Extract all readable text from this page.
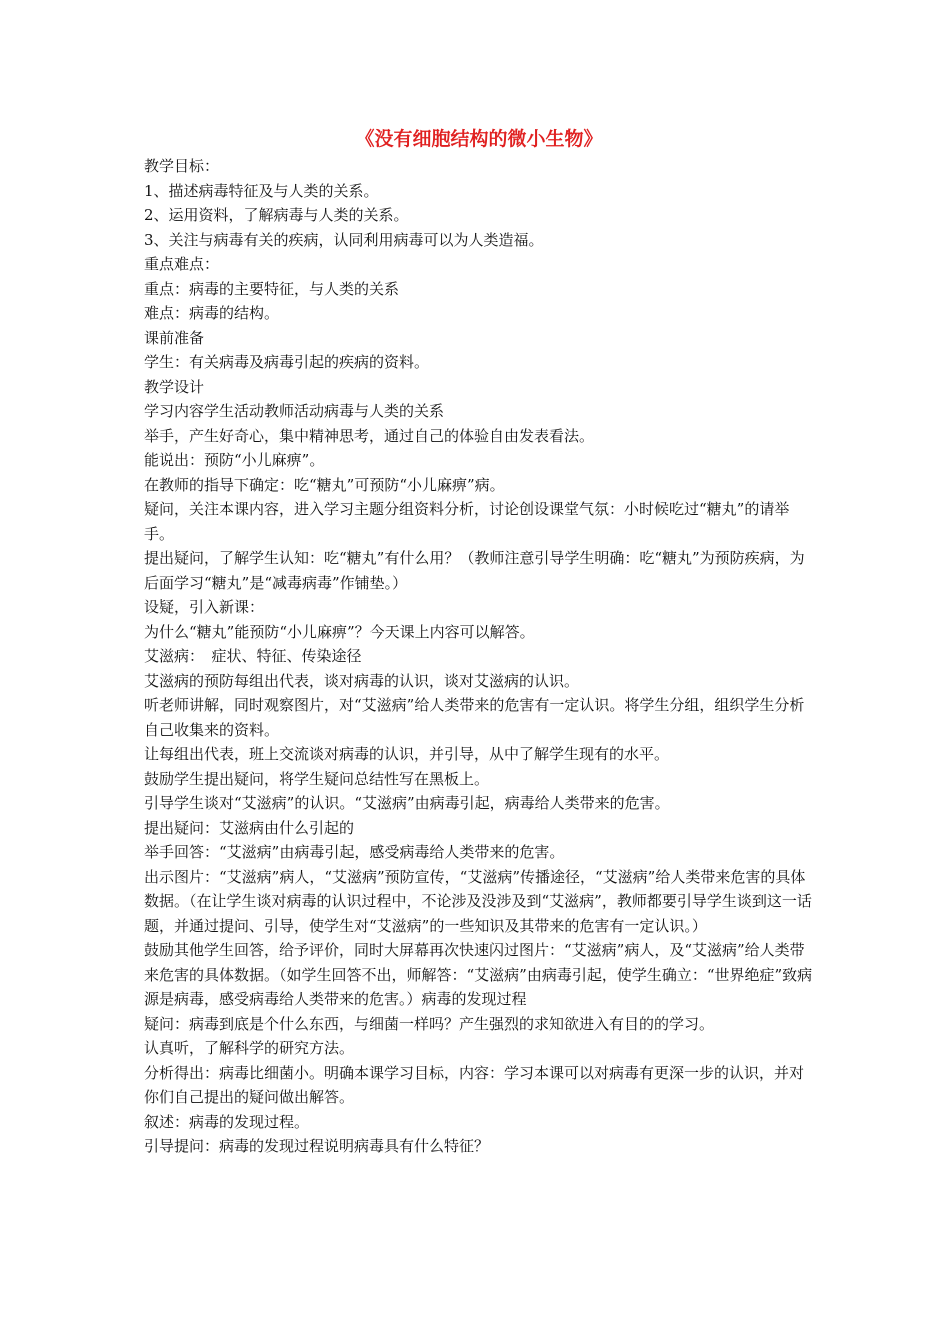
《没有细胞结构的微小生物》

教学目标：

1、描述病毒特征及与人类的关系。

2、运用资料，了解病毒与人类的关系。

3、关注与病毒有关的疾病，认同利用病毒可以为人类造福。

重点难点：

重点：病毒的主要特征，与人类的关系

难点：病毒的结构。

课前准备

学生：有关病毒及病毒引起的疾病的资料。

教学设计

学习内容学生活动教师活动病毒与人类的关系

举手，产生好奇心，集中精神思考，通过自己的体验自由发表看法。

能说出：预防“小儿麻痹”。

在教师的指导下确定：吃“糖丸”可预防“小儿麻痹”病。

疑问，关注本课内容，进入学习主题分组资料分析，讨论创设课堂气氛：小时候吃过“糖丸”的请举手。

提出疑问，了解学生认知：吃“糖丸”有什么用？（教师注意引导学生明确：吃“糖丸”为预防疾病，为后面学习“糖丸”是“减毒病毒”作铺垫。）

设疑，引入新课：

为什么“糖丸”能预防“小儿麻痹”？今天课上内容可以解答。

艾滋病：　症状、特征、传染途径

艾滋病的预防每组出代表，谈对病毒的认识，谈对艾滋病的认识。

听老师讲解，同时观察图片，对“艾滋病”给人类带来的危害有一定认识。将学生分组，组织学生分析自己收集来的资料。

让每组出代表，班上交流谈对病毒的认识，并引导，从中了解学生现有的水平。

鼓励学生提出疑问，将学生疑问总结性写在黑板上。

引导学生谈对“艾滋病”的认识。“艾滋病”由病毒引起，病毒给人类带来的危害。

提出疑问：艾滋病由什么引起的

举手回答：“艾滋病”由病毒引起，感受病毒给人类带来的危害。

出示图片：“艾滋病”病人，“艾滋病”预防宣传，“艾滋病”传播途径，“艾滋病”给人类带来危害的具体数据。（在让学生谈对病毒的认识过程中，不论涉及没涉及到“艾滋病”，教师都要引导学生谈到这一话题，并通过提问、引导，使学生对“艾滋病”的一些知识及其带来的危害有一定认识。）

鼓励其他学生回答，给予评价，同时大屏幕再次快速闪过图片：“艾滋病”病人，及“艾滋病”给人类带来危害的具体数据。（如学生回答不出，师解答：“艾滋病”由病毒引起，使学生确立：“世界绝症”致病源是病毒，感受病毒给人类带来的危害。）病毒的发现过程

疑问：病毒到底是个什么东西，与细菌一样吗？产生强烈的求知欲进入有目的的学习。

认真听，了解科学的研究方法。

分析得出：病毒比细菌小。明确本课学习目标，内容：学习本课可以对病毒有更深一步的认识，并对你们自己提出的疑问做出解答。

叙述：病毒的发现过程。

引导提问：病毒的发现过程说明病毒具有什么特征？
